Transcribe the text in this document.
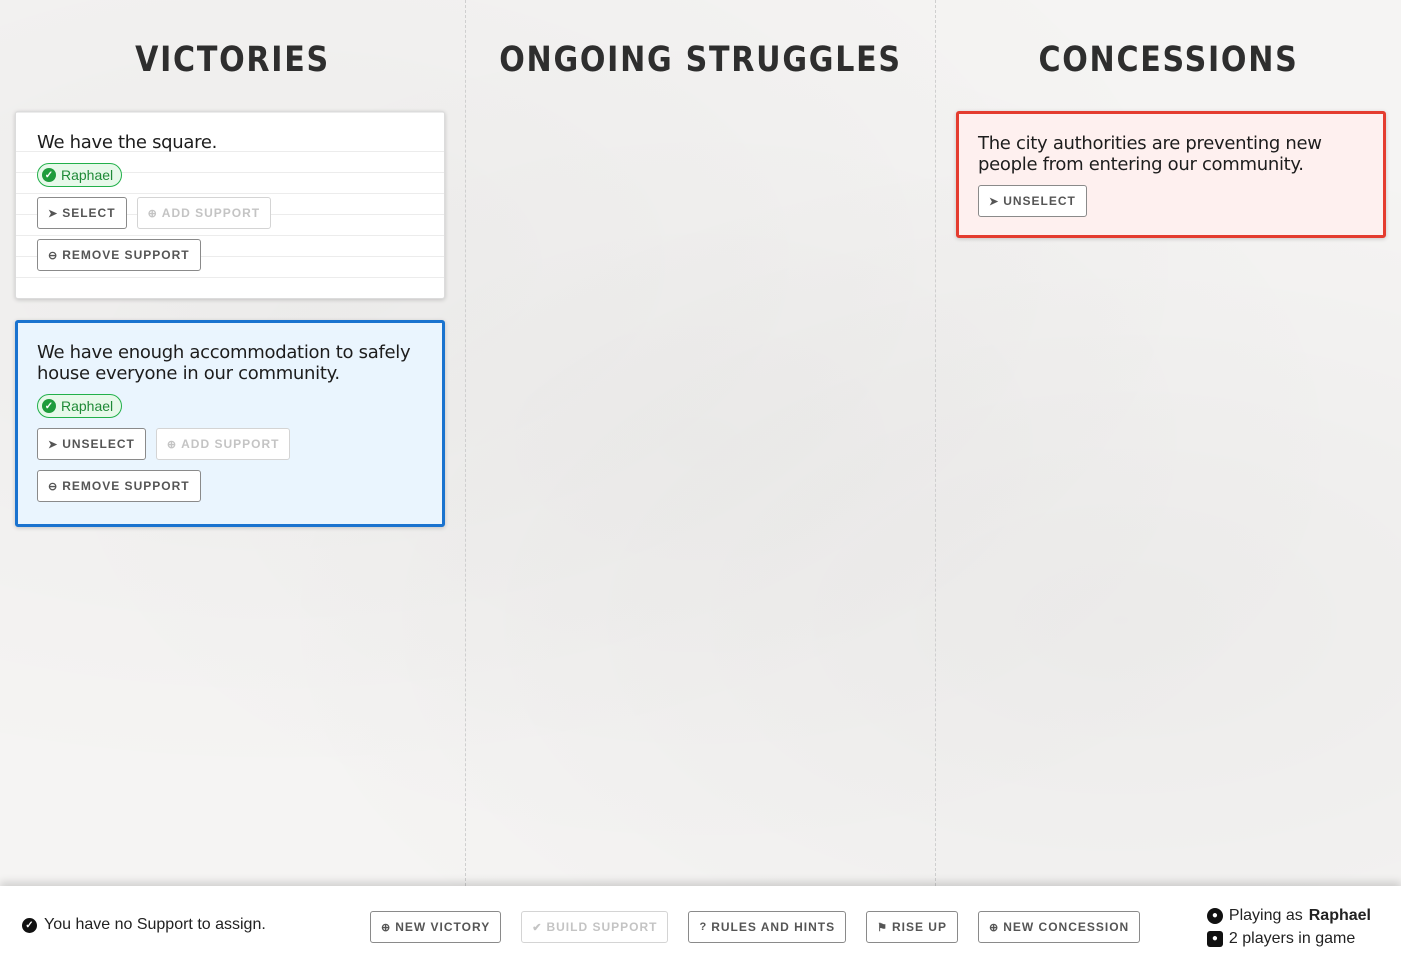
VICTORIES
We have the square.
✓ Raphael
➤ SELECT	⊕ ADD SUPPORT
⊖ REMOVE SUPPORT
We have enough accommodation to safely house everyone in our community.
✓ Raphael
➤ UNSELECT	⊕ ADD SUPPORT
⊖ REMOVE SUPPORT
ONGOING STRUGGLES	CONCESSIONS
The city authorities are preventing new people from entering our community.
➤ UNSELECT
✓ You have no Support to assign.	⊕ NEW VICTORY	✔ BUILD SUPPORT	? RULES AND HINTS	⚑ RISE UP	⊕ NEW CONCESSION
● Playing as Raphael
● 2 players in game
